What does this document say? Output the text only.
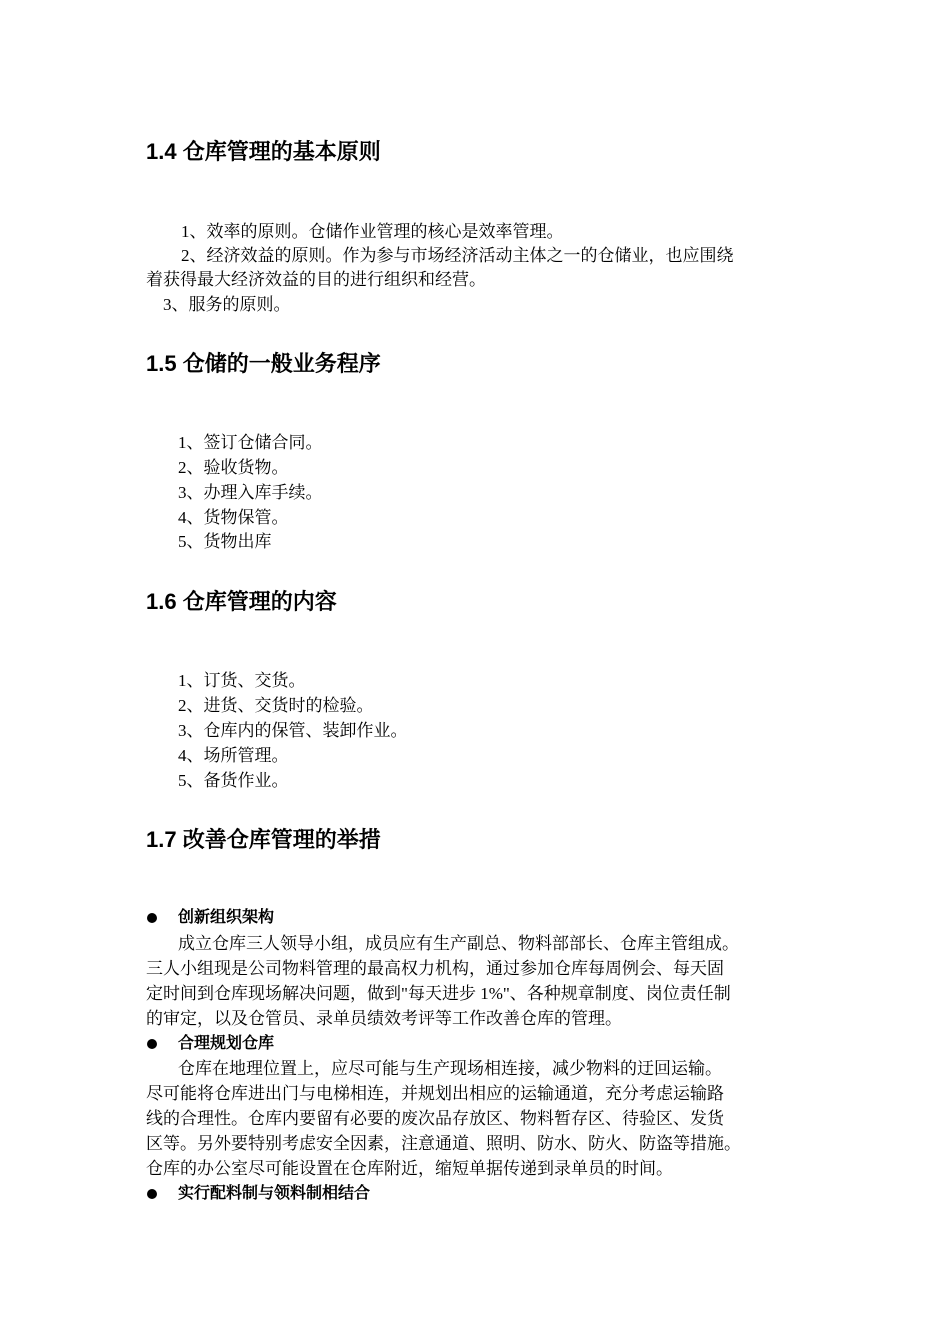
1.4 仓库管理的基本原则
1、效率的原则。仓储作业管理的核心是效率管理。
2、经济效益的原则。作为参与市场经济活动主体之一的仓储业，也应围绕
着获得最大经济效益的目的进行组织和经营。
3、服务的原则。
1.5 仓储的一般业务程序
1、签订仓储合同。
2、验收货物。
3、办理入库手续。
4、货物保管。
5、货物出库
1.6 仓库管理的内容
1、订货、交货。
2、进货、交货时的检验。
3、仓库内的保管、装卸作业。
4、场所管理。
5、备货作业。
1.7 改善仓库管理的举措
创新组织架构
成立仓库三人领导小组，成员应有生产副总、物料部部长、仓库主管组成。
三人小组现是公司物料管理的最高权力机构，通过参加仓库每周例会、每天固
定时间到仓库现场解决问题，做到"每天进步 1%"、各种规章制度、岗位责任制
的审定，以及仓管员、录单员绩效考评等工作改善仓库的管理。
合理规划仓库
仓库在地理位置上，应尽可能与生产现场相连接，减少物料的迂回运输。
尽可能将仓库进出门与电梯相连，并规划出相应的运输通道，充分考虑运输路
线的合理性。仓库内要留有必要的废次品存放区、物料暂存区、待验区、发货
区等。另外要特别考虑安全因素，注意通道、照明、防水、防火、防盗等措施。
仓库的办公室尽可能设置在仓库附近，缩短单据传递到录单员的时间。
实行配料制与领料制相结合
